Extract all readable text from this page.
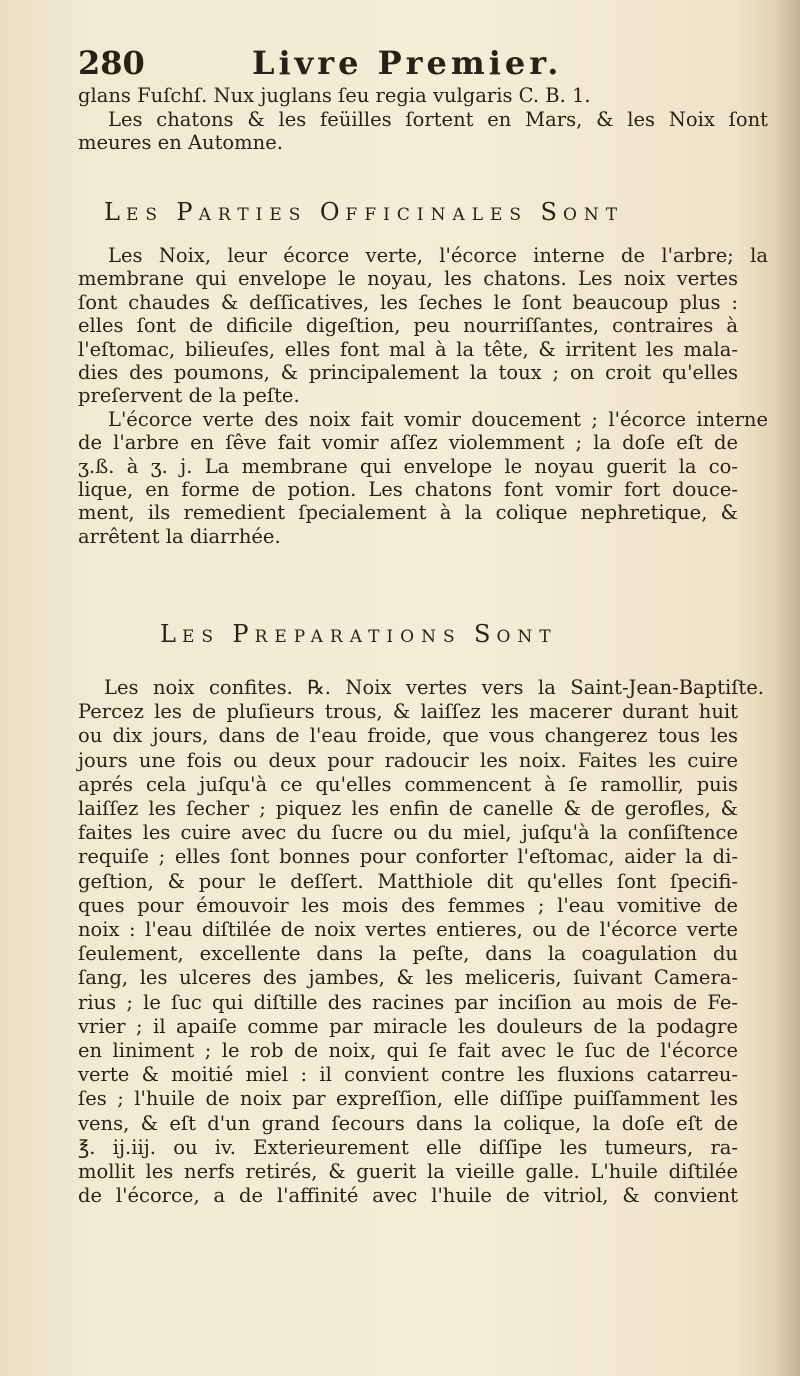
280	Livre Premier.
glans Fuſchſ. Nux juglans ſeu regia vulgaris C. B. 1.
Les chatons & les feüilles ſortent en Mars, & les Noix ſont
meures en Automne.
LES PARTIES OFFICINALES SONT
Les Noix, leur écorce verte, l'écorce interne de l'arbre; la
membrane qui envelope le noyau, les chatons. Les noix vertes
ſont chaudes & deſſicatives, les ſeches le ſont beaucoup plus :
elles ſont de dificile digeſtion, peu nourriſſantes, contraires à
l'eſtomac, bilieuſes, elles font mal à la tête, & irritent les mala-
dies des poumons, & principalement la toux ; on croit qu'elles
preſervent de la peſte.
L'écorce verte des noix fait vomir doucement ; l'écorce interne
de l'arbre en ſêve fait vomir aſſez violemment ; la doſe eſt de
ʒ.ß. à ʒ. j. La membrane qui envelope le noyau guerit la co-
lique, en forme de potion. Les chatons font vomir fort douce-
ment, ils remedient ſpecialement à la colique nephretique, &
arrêtent la diarrhée.
LES PREPARATIONS SONT
Les noix confites. ℞. Noix vertes vers la Saint-Jean-Baptiſte.
Percez les de pluſieurs trous, & laiſſez les macerer durant huit
ou dix jours, dans de l'eau froide, que vous changerez tous les
jours une fois ou deux pour radoucir les noix. Faites les cuire
aprés cela juſqu'à ce qu'elles commencent à ſe ramollir, puis
laiſſez les ſecher ; piquez les enfin de canelle & de gerofles, &
faites les cuire avec du ſucre ou du miel, juſqu'à la conſiſtence
requiſe ; elles ſont bonnes pour conforter l'eſtomac, aider la di-
geſtion, & pour le deſſert. Matthiole dit qu'elles ſont ſpecifi-
ques pour émouvoir les mois des femmes ; l'eau vomitive de
noix : l'eau diſtilée de noix vertes entieres, ou de l'écorce verte
ſeulement, excellente dans la peſte, dans la coagulation du
ſang, les ulceres des jambes, & les meliceris, ſuivant Camera-
rius ; le ſuc qui diſtille des racines par inciſion au mois de Fe-
vrier ; il apaiſe comme par miracle les douleurs de la podagre
en liniment ; le rob de noix, qui ſe fait avec le ſuc de l'écorce
verte & moitié miel : il convient contre les fluxions catarreu-
ſes ; l'huile de noix par expreſſion, elle diſſipe puiſſamment les
vens, & eſt d'un grand ſecours dans la colique, la doſe eſt de
℥. ij.iij. ou iv. Exterieurement elle diſſipe les tumeurs, ra-
mollit les nerfs retirés, & guerit la vieille galle. L'huile diſtilée
de l'écorce, a de l'affinité avec l'huile de vitriol, & convient
